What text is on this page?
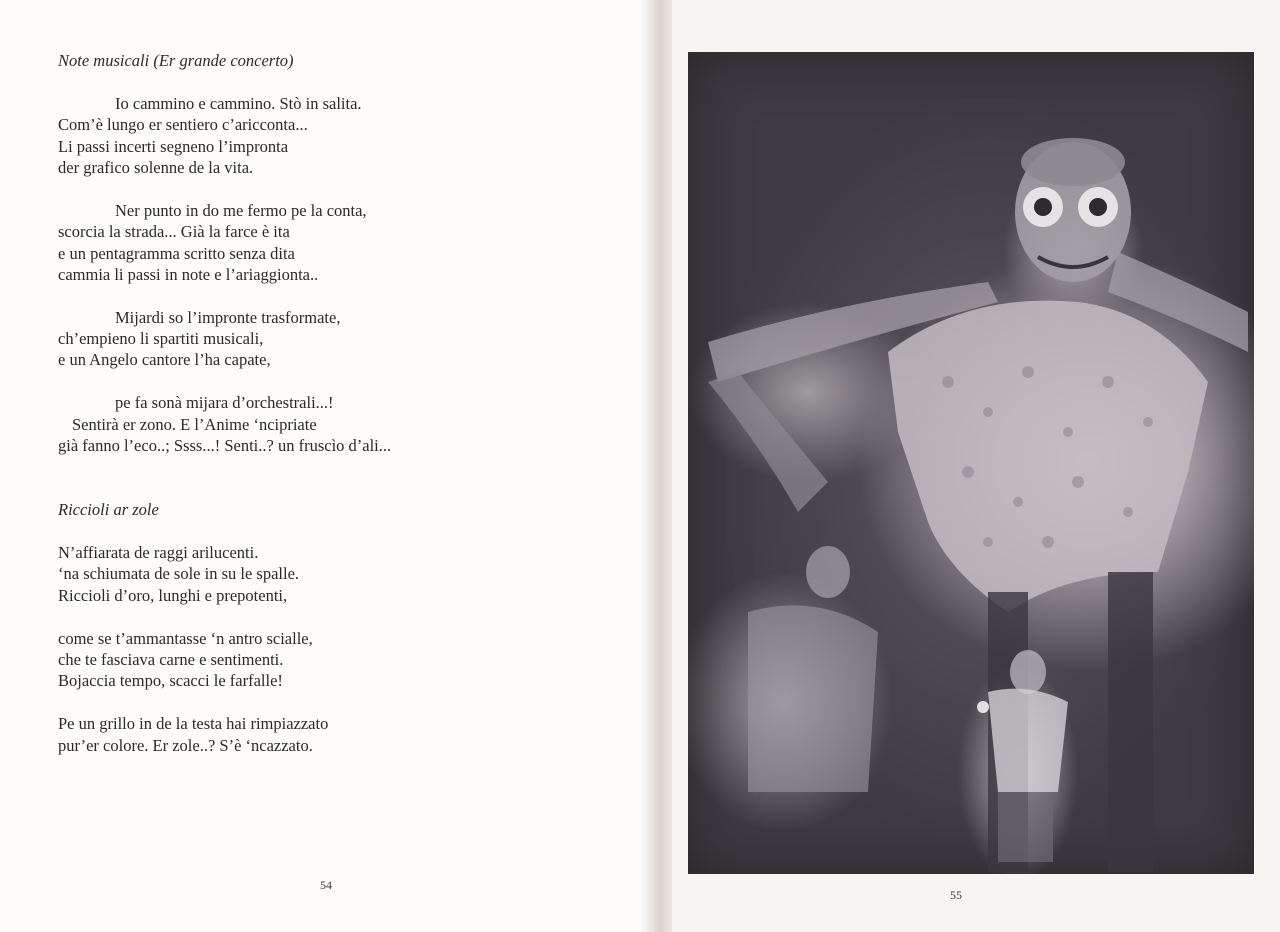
Note musicali (Er grande concerto)
Io cammino e cammino. Stò in salita.
Com’è lungo er sentiero c’aricconta...
Li passi incerti segneno l’impronta
der grafico solenne de la vita.
Ner punto in do me fermo pe la conta,
scorcia la strada... Già la farce è ita
e un pentagramma scritto senza dita
cammia li passi in note e l’ariaggionta..
Mijardi so l’impronte trasformate,
ch’empieno li spartiti musicali,
e un Angelo cantore l’ha capate,
pe fa sonà mijara d’orchestrali...!
Sentirà er zono. E l’Anime ‘ncipriate
già fanno l’eco..; Ssss...! Senti..? un fruscìo d’ali...
Riccioli ar zole
N’affiarata de raggi arilucenti.
‘na schiumata de sole in su le spalle.
Riccioli d’oro, lunghi e prepotenti,
come se t’ammantasse ‘n antro scialle,
che te fasciava carne e sentimenti.
Bojaccia tempo, scacci le farfalle!
Pe un grillo in de la testa hai rimpiazzato
pur’er colore. Er zole..? S’è ‘ncazzato.
54
55
